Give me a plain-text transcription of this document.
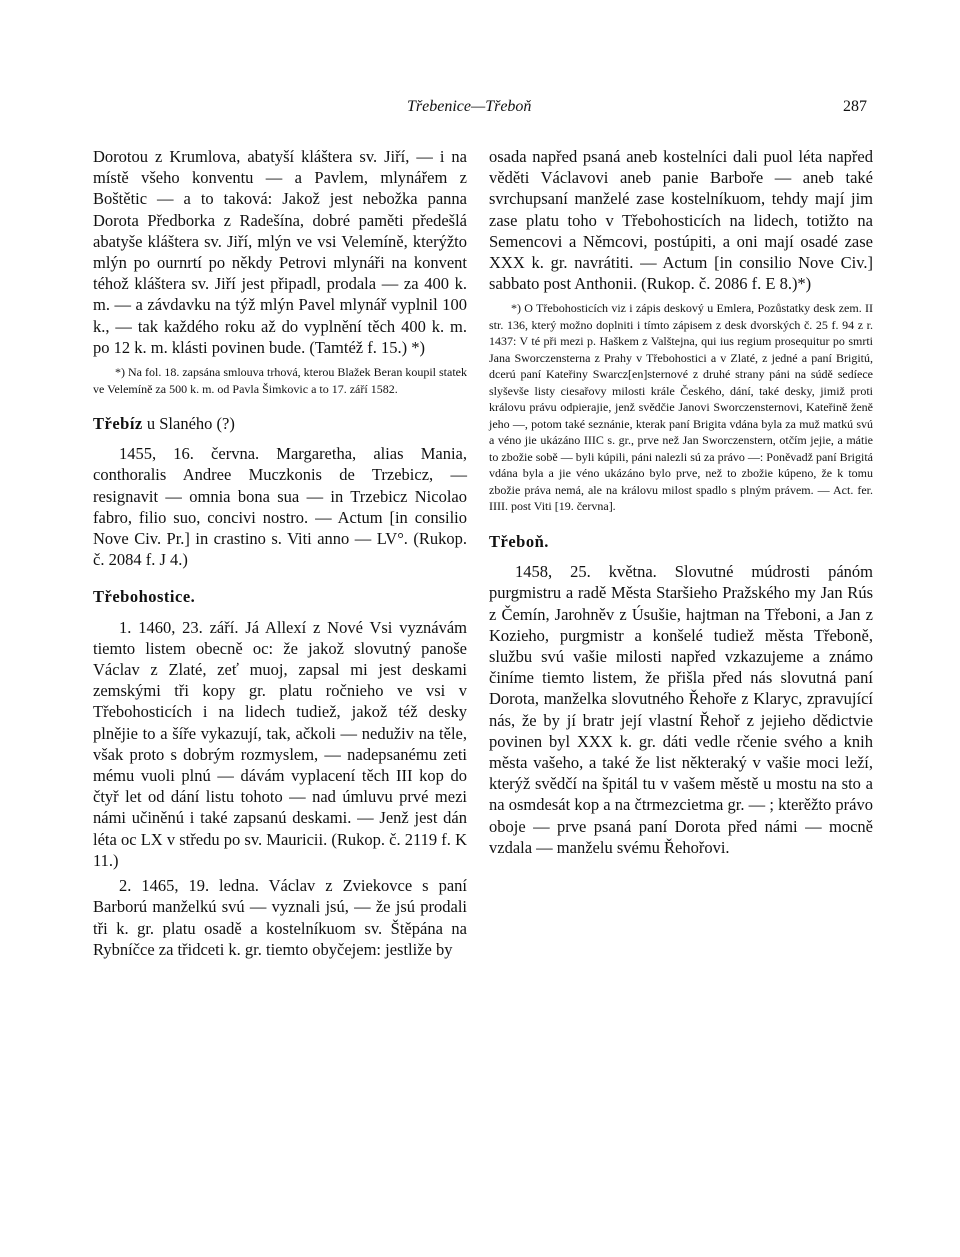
Třebenice—Třeboň	287

Dorotou z Krumlova, abatyší kláštera sv. Jiří, — i na místě všeho konventu — a Pavlem, mlynářem z Boštětic — a to taková: Jakož jest nebožka panna Dorota Předborka z Radešína, dobré paměti předešlá abatyše kláštera sv. Jiří, mlýn ve vsi Velemíně, kterýžto mlýn po ournrtí po někdy Petrovi mlynáři na konvent téhož kláštera sv. Jiří jest připadl, prodala — za 400 k. m. — a závdavku na týž mlýn Pavel mlynář vyplnil 100 k., — tak každého roku až do vyplnění těch 400 k. m. po 12 k. m. klásti povinen bude. (Tamtéž f. 15.) *)

*) Na fol. 18. zapsána smlouva trhová, kterou Blažek Beran koupil statek ve Velemíně za 500 k. m. od Pavla Šimkovic a to 17. září 1582.

Třebíz u Slaného (?)

1455, 16. června. Margaretha, alias Mania, conthoralis Andree Muczkonis de Trzebicz, — resignavit — omnia bona sua — in Trzebicz Nicolao fabro, filio suo, concivi nostro. — Actum [in consilio Nove Civ. Pr.] in crastino s. Viti anno — LV°. (Rukop. č. 2084 f. J 4.)

Třebohostice.

1. 1460, 23. září. Já Allexí z Nové Vsi vyznávám tiemto listem obecně oc: že jakož slovutný panoše Václav z Zlaté, zeť muoj, zapsal mi jest deskami zemskými tři kopy gr. platu ročnieho ve vsi v Třebohosticích i na lidech tudiež, jakož též desky plnějie to a šíře vykazují, tak, ačkoli — neduživ na těle, však proto s dobrým rozmyslem, — nadepsanému zeti mému vuoli plnú — dávám vyplacení těch III kop do čtyř let od dání listu tohoto — nad úmluvu prvé mezi námi učiněnú i také zapsanú deskami. — Jenž jest dán léta oc LX v středu po sv. Mauricii. (Rukop. č. 2119 f. K 11.)

2. 1465, 19. ledna. Václav z Zviekovce s paní Barború manželkú svú — vyznali jsú, — že jsú prodali tři k. gr. platu osadě a kostelníkuom sv. Štěpána na Rybníčce za třidceti k. gr. tiemto obyčejem: jestliže by

osada napřed psaná aneb kostelníci dali puol léta napřed věděti Václavovi aneb panie Barboře — aneb také svrchupsaní manželé zase kostelníkuom, tehdy mají jim zase platu toho v Třebohosticích na lidech, totižto na Semencovi a Němcovi, postúpiti, a oni mají osadé zase XXX k. gr. navrátiti. — Actum [in consilio Nove Civ.] sabbato post Anthonii. (Rukop. č. 2086 f. E 8.)*)

*) O Třebohosticích viz i zápis deskový u Emlera, Pozůstatky desk zem. II str. 136, který možno doplniti i tímto zápisem z desk dvorských č. 25 f. 94 z r. 1437: V té při mezi p. Haškem z Valštejna, qui ius regium prosequitur po smrti Jana Sworczensterna z Prahy v Třebohostici a v Zlaté, z jedné a paní Brigitú, dcerú paní Kateřiny Swarcz[en]sternové z druhé strany páni na súdě sedíece slyševše listy ciesařovy milosti krále Českého, dání, také desky, jimiž proti královu právu odpierajie, jenž svědčie Janovi Sworczensternovi, Kateřině ženě jeho —, potom také seznánie, kterak paní Brigita vdána byla za muž matkú svú a véno jie ukázáno IIIC s. gr., prve než Jan Sworczenstern, otčím jejie, a mátie to zbožie sobě — byli kúpili, páni nalezli sú za právo —: Poněvadž paní Brigitá vdána byla a jie véno ukázáno bylo prve, než to zbožie kúpeno, že k tomu zbožie práva nemá, ale na královu milost spadlo s plným právem. — Act. fer. IIII. post Viti [19. června].

Třeboň.

1458, 25. května. Slovutné múdrosti pánóm purgmistru a radě Města Staršieho Pražského my Jan Rús z Čemín, Jarohněv z Úsušie, hajtman na Třeboni, a Jan z Kozieho, purgmistr a konšelé tudiež města Třeboně, službu svú vašie milosti napřed vzkazujeme a známo činíme tiemto listem, že přišla před nás slovutná paní Dorota, manželka slovutného Řehoře z Klaryc, zpravující nás, že by jí bratr její vlastní Řehoř z jejieho dědictvie povinen byl XXX k. gr. dáti vedle rčenie svého a knih města vašeho, a také že list některaký v vašie moci leží, kterýž svědčí na špitál tu v vašem městě u mostu na sto a na osmdesát kop a na čtrmezcietma gr. — ; kterěžto právo oboje — prve psaná paní Dorota před námi — mocně vzdala — manželu svému Řehořovi.
